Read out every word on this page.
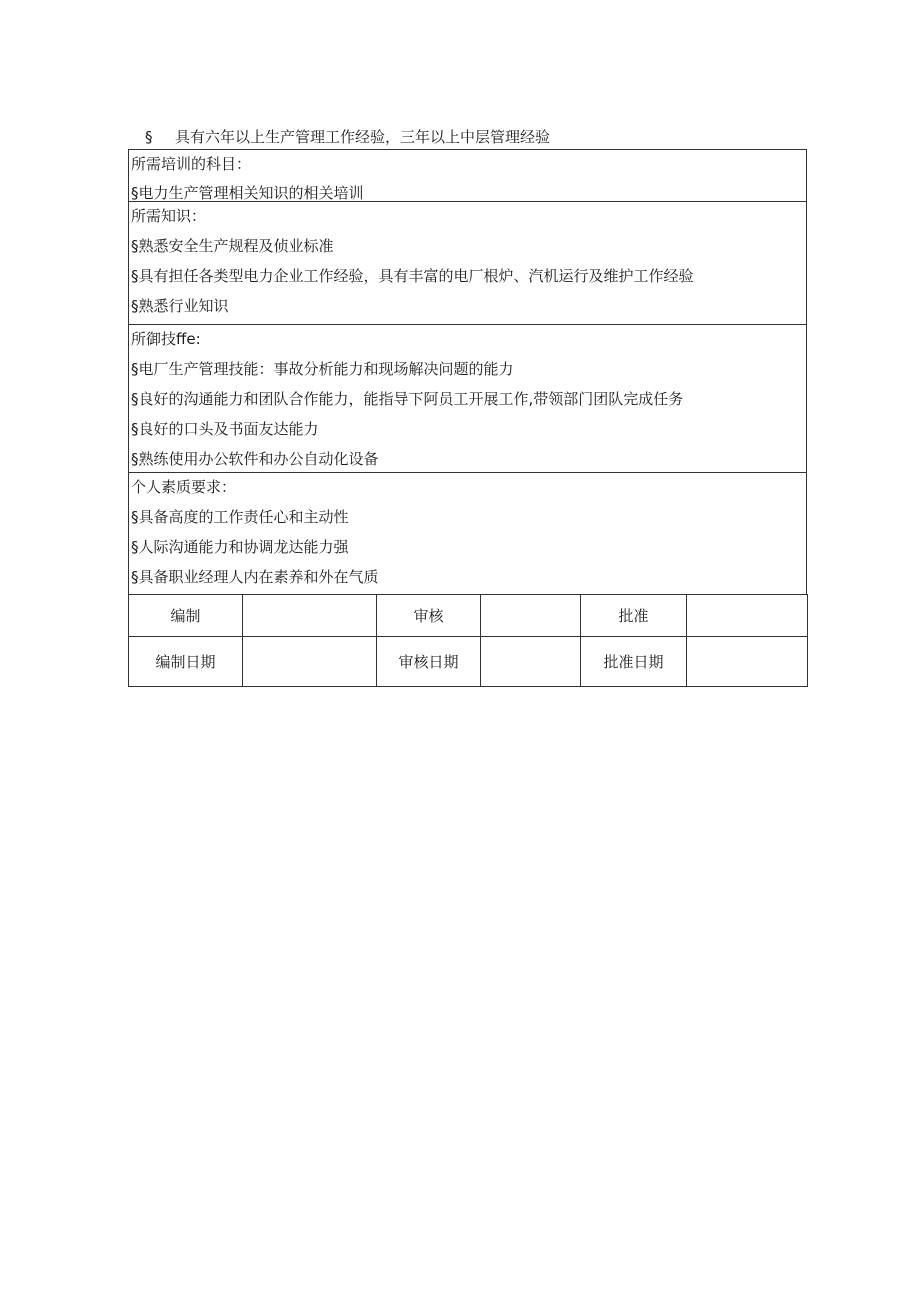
§ 具有六年以上生产管理工作经验，三年以上中层管理经验
所需培训的科目：
§电力生产管理相关知识的相关培训
所需知识：
§熟悉安全生产规程及侦业标准
§具有担任各类型电力企业工作经验，具有丰富的电厂根炉、汽机运行及维护工作经验
§熟悉行业知识
所御技ffe:
§电厂生产管理技能：事故分析能力和现场解决问题的能力
§良好的沟通能力和团队合作能力，能指导下阿员工开展工作,带领部门团队完成任务
§良好的口头及书面友达能力
§熟练使用办公软件和办公自动化设备
个人素质要求：
§具备高度的工作责任心和主动性
§人际沟通能力和协调龙达能力强
§具备职业经理人内在素养和外在气质
编制		审核		批准	
编制日期		审核日期		批准日期	
